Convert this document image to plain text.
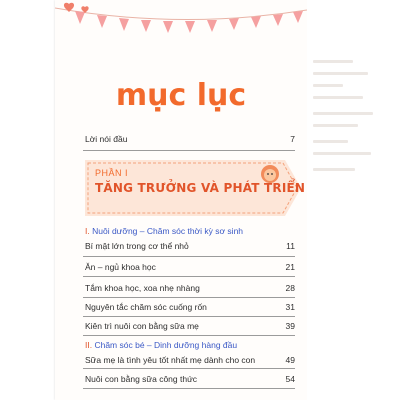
mục lục
Lời nói đầu	7
PHẦN I
TĂNG TRƯỞNG VÀ PHÁT TRIỂN
I. Nuôi dưỡng – Chăm sóc thời kỳ sơ sinh
Bí mật lớn trong cơ thể nhỏ	11
Ăn – ngủ khoa học	21
Tắm khoa học, xoa nhẹ nhàng	28
Nguyên tắc chăm sóc cuống rốn	31
Kiên trì nuôi con bằng sữa mẹ	39
II. Chăm sóc bé – Dinh dưỡng hàng đầu
Sữa mẹ là tình yêu tốt nhất mẹ dành cho con	49
Nuôi con bằng sữa công thức	54
